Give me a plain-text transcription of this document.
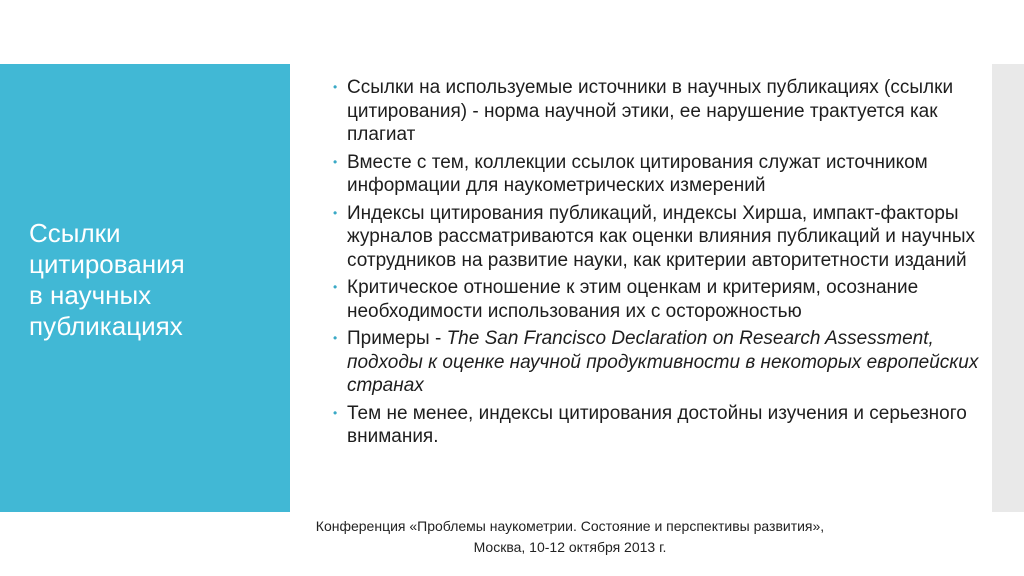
Ссылки
цитирования
в научных
публикациях
• Ссылки на используемые источники в научных публикациях (ссылки цитирования) - норма научной этики, ее нарушение трактуется как плагиат
• Вместе с тем, коллекции ссылок цитирования служат источником информации для наукометрических измерений
• Индексы цитирования публикаций, индексы Хирша, импакт-факторы журналов рассматриваются как оценки влияния публикаций и научных сотрудников на развитие науки, как критерии авторитетности изданий
• Критическое отношение к этим оценкам и критериям, осознание необходимости использования их с осторожностью
• Примеры - The San Francisco Declaration on Research Assessment, подходы к оценке научной продуктивности в некоторых европейских странах
• Тем не менее, индексы цитирования достойны изучения и серьезного внимания.
Конференция «Проблемы наукометрии. Состояние и перспективы развития»,
Москва, 10-12 октября 2013 г.
